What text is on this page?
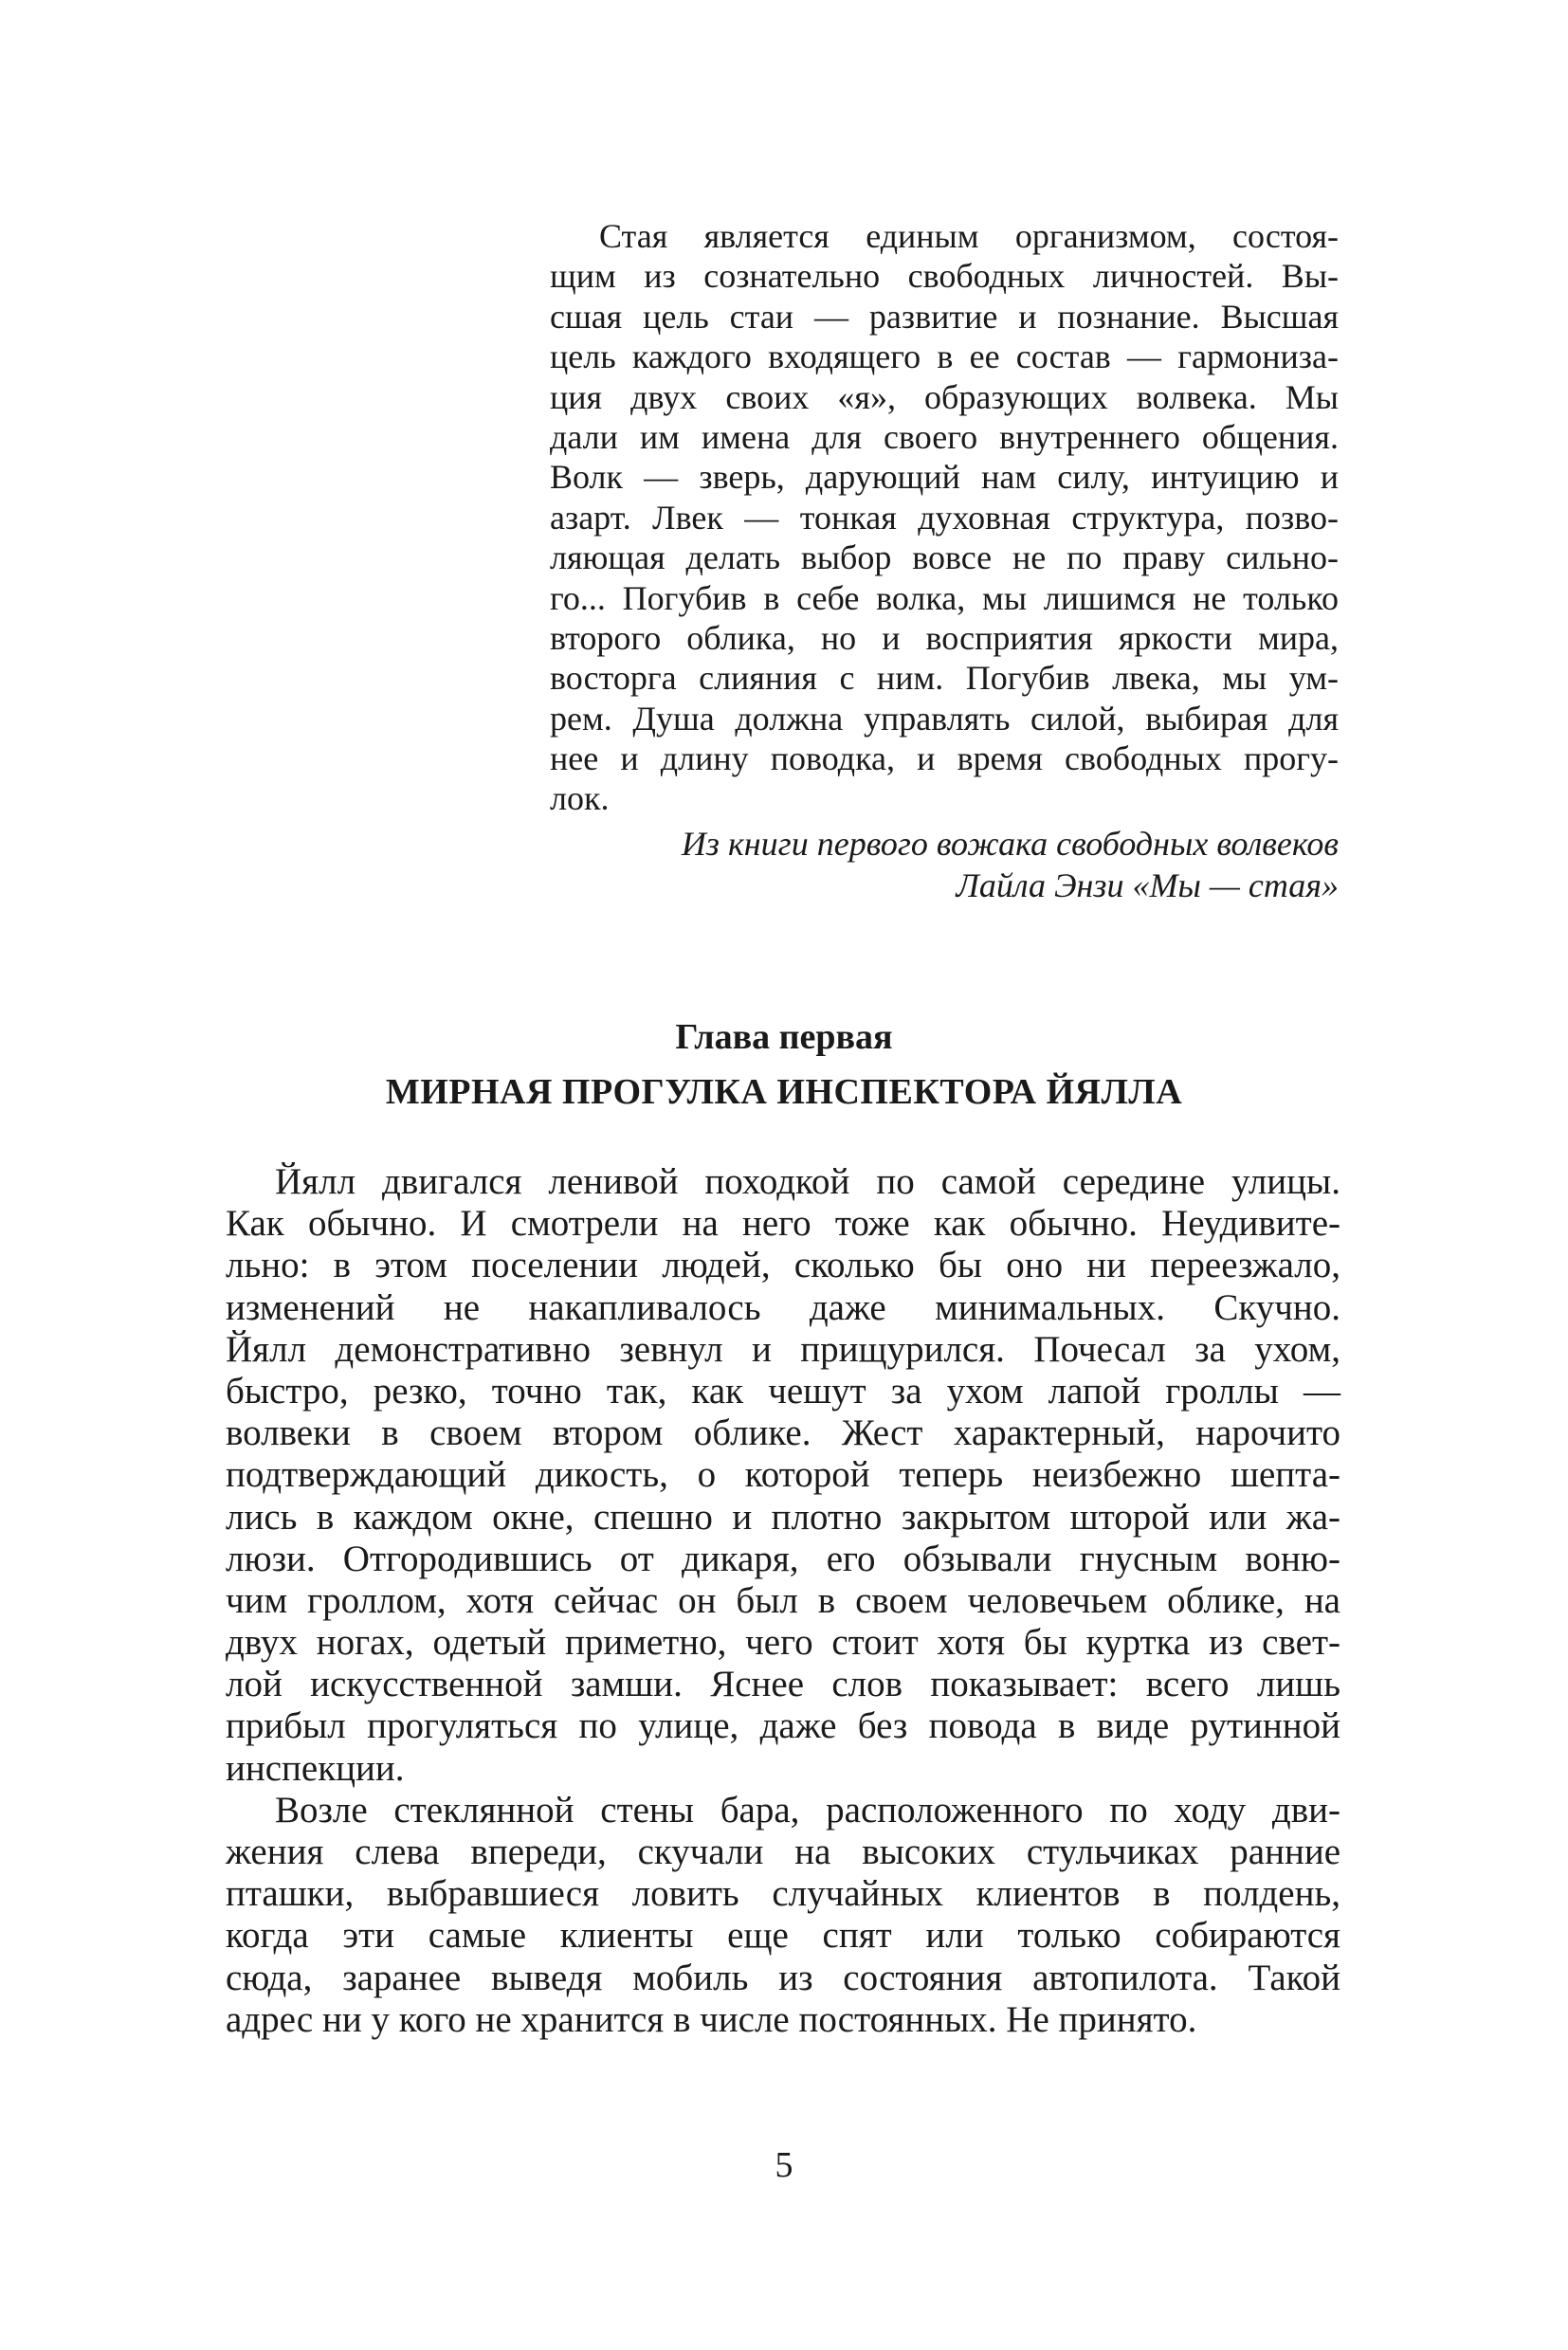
Стая является единым организмом, состоя-
щим из сознательно свободных личностей. Вы-
сшая цель стаи — развитие и познание. Высшая
цель каждого входящего в ее состав — гармониза-
ция двух своих «я», образующих волвека. Мы
дали им имена для своего внутреннего общения.
Волк — зверь, дарующий нам силу, интуицию и
азарт. Лвек — тонкая духовная структура, позво-
ляющая делать выбор вовсе не по праву сильно-
го... Погубив в себе волка, мы лишимся не только
второго облика, но и восприятия яркости мира,
восторга слияния с ним. Погубив лвека, мы ум-
рем. Душа должна управлять силой, выбирая для
нее и длину поводка, и время свободных прогу-
лок.
Из книги первого вожака свободных волвеков
Лайла Энзи «Мы — стая»
Глава первая
МИРНАЯ ПРОГУЛКА ИНСПЕКТОРА ЙЯЛЛА
Йялл двигался ленивой походкой по самой середине улицы.
Как обычно. И смотрели на него тоже как обычно. Неудивите-
льно: в этом поселении людей, сколько бы оно ни переезжало,
изменений не накапливалось даже минимальных. Скучно.
Йялл демонстративно зевнул и прищурился. Почесал за ухом,
быстро, резко, точно так, как чешут за ухом лапой гроллы —
волвеки в своем втором облике. Жест характерный, нарочито
подтверждающий дикость, о которой теперь неизбежно шепта-
лись в каждом окне, спешно и плотно закрытом шторой или жа-
люзи. Отгородившись от дикаря, его обзывали гнусным воню-
чим гроллом, хотя сейчас он был в своем человечьем облике, на
двух ногах, одетый приметно, чего стоит хотя бы куртка из свет-
лой искусственной замши. Яснее слов показывает: всего лишь
прибыл прогуляться по улице, даже без повода в виде рутинной
инспекции.
Возле стеклянной стены бара, расположенного по ходу дви-
жения слева впереди, скучали на высоких стульчиках ранние
пташки, выбравшиеся ловить случайных клиентов в полдень,
когда эти самые клиенты еще спят или только собираются
сюда, заранее выведя мобиль из состояния автопилота. Такой
адрес ни у кого не хранится в числе постоянных. Не принято.
5
